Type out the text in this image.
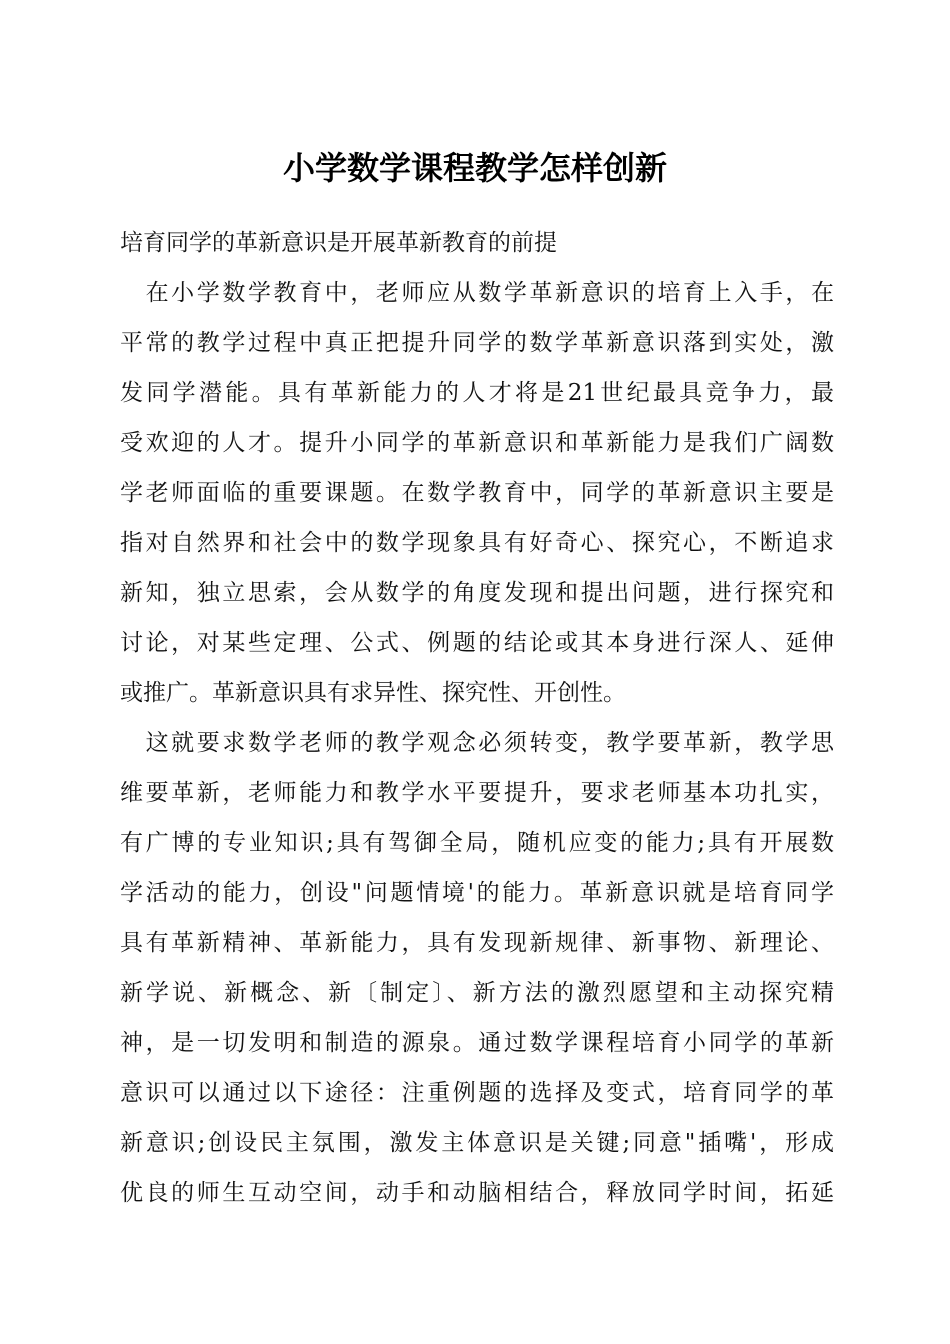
小学数学课程教学怎样创新
培育同学的革新意识是开展革新教育的前提
　在小学数学教育中，老师应从数学革新意识的培育上入手，在
平常的教学过程中真正把提升同学的数学革新意识落到实处，激
发同学潜能。具有革新能力的人才将是21世纪最具竞争力，最
受欢迎的人才。提升小同学的革新意识和革新能力是我们广阔数
学老师面临的重要课题。在数学教育中，同学的革新意识主要是
指对自然界和社会中的数学现象具有好奇心、探究心，不断追求
新知，独立思索，会从数学的角度发现和提出问题，进行探究和
讨论，对某些定理、公式、例题的结论或其本身进行深人、延伸
或推广。革新意识具有求异性、探究性、开创性。
　这就要求数学老师的教学观念必须转变，教学要革新，教学思
维要革新，老师能力和教学水平要提升，要求老师基本功扎实，
有广博的专业知识;具有驾御全局，随机应变的能力;具有开展数
学活动的能力，创设"问题情境'的能力。革新意识就是培育同学
具有革新精神、革新能力，具有发现新规律、新事物、新理论、
新学说、新概念、新〔制定〕、新方法的激烈愿望和主动探究精
神，是一切发明和制造的源泉。通过数学课程培育小同学的革新
意识可以通过以下途径：注重例题的选择及变式，培育同学的革
新意识;创设民主氛围，激发主体意识是关键;同意"插嘴'，形成
优良的师生互动空间，动手和动脑相结合，释放同学时间，拓延
